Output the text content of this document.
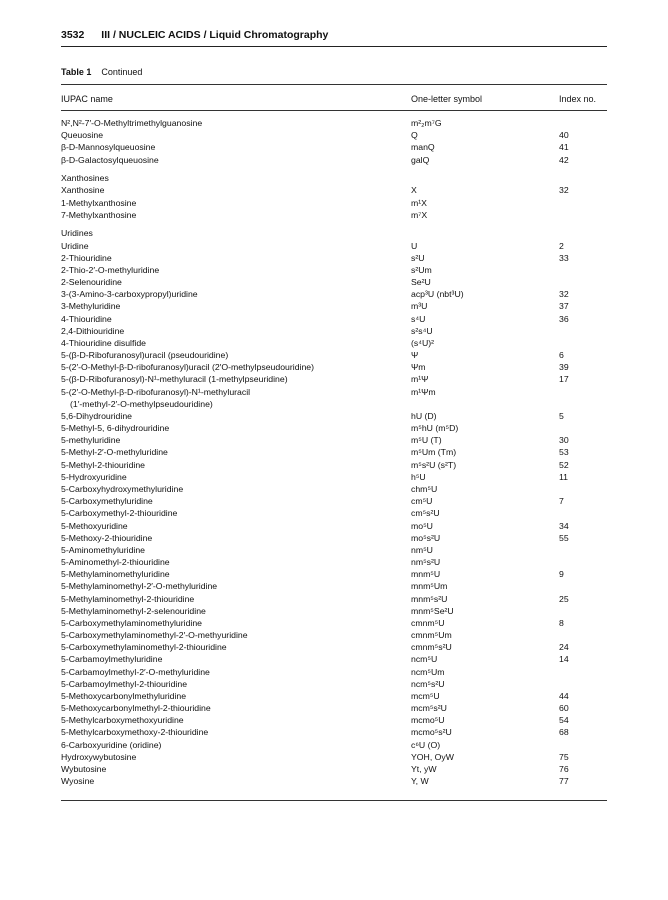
3532 III / NUCLEIC ACIDS / Liquid Chromatography
Table 1 Continued
IUPAC name	One-letter symbol	Index no.
N²,N²-7′-O-Methyltrimethylguanosine	m²₂m⁷G
Queuosine	Q	40
β-D-Mannosylqueuosine	manQ	41
β-D-Galactosylqueuosine	galQ	42
Xanthosines
Xanthosine	X	32
1-Methylxanthosine	m¹X
7-Methylxanthosine	m⁷X
Uridines
Uridine	U	2
2-Thiouridine	s²U	33
2-Thio-2′-O-methyluridine	s²Um
2-Selenouridine	Se²U
3-(3-Amino-3-carboxypropyl)uridine	acp³U (nbt³U)	32
3-Methyluridine	m³U	37
4-Thiouridine	s⁴U	36
2,4-Dithiouridine	s²s⁴U
4-Thiouridine disulfide	(s⁴U)²
5-(β-D-Ribofuranosyl)uracil (pseudouridine)	Ψ	6
5-(2′-O-Methyl-β-D-ribofuranosyl)uracil (2′O-methylpseudouridine)	Ψm	39
5-(β-D-Ribofuranosyl)-N¹-methyluracil (1-methylpseuridine)	m¹Ψ	17
5-(2′-O-Methyl-β-D-ribofuranosyl)-N¹-methyluracil	m¹Ψm
(1′-methyl-2′-O-methylpseudouridine)
5,6-Dihydrouridine	hU (D)	5
5-Methyl-5, 6-dihydrouridine	m⁵hU (m⁵D)
5-methyluridine	m⁵U (T)	30
5-Methyl-2′-O-methyluridine	m⁵Um (Tm)	53
5-Methyl-2-thiouridine	m⁵s²U (s²T)	52
5-Hydroxyuridine	h⁵U	11
5-Carboxyhydroxymethyluridine	chm⁵U
5-Carboxymethyluridine	cm⁵U	7
5-Carboxymethyl-2-thiouridine	cm⁵s²U
5-Methoxyuridine	mo⁵U	34
5-Methoxy-2-thiouridine	mo⁵s²U	55
5-Aminomethyluridine	nm⁵U
5-Aminomethyl-2-thiouridine	nm⁵s²U
5-Methylaminomethyluridine	mnm⁵U	9
5-Methylaminomethyl-2′-O-methyluridine	mnm⁵Um
5-Methylaminomethyl-2-thiouridine	mnm⁵s²U	25
5-Methylaminomethyl-2-selenouridine	mnm⁵Se²U
5-Carboxymethylaminomethyluridine	cmnm⁵U	8
5-Carboxymethylaminomethyl-2′-O-methyuridine	cmnm⁵Um
5-Carboxymethylaminomethyl-2-thiouridine	cmnm⁵s²U	24
5-Carbamoylmethyluridine	ncm⁵U	14
5-Carbamoylmethyl-2′-O-methyluridine	ncm⁵Um
5-Carbamoylmethyl-2-thiouridine	ncm⁵s²U
5-Methoxycarbonylmethyluridine	mcm⁵U	44
5-Methoxycarbonylmethyl-2-thiouridine	mcm⁵s²U	60
5-Methylcarboxymethoxyuridine	mcmo⁵U	54
5-Methylcarboxymethoxy-2-thiouridine	mcmo⁵s²U	68
6-Carboxyuridine (oridine)	c⁶U (O)
Hydroxywybutosine	YOH, OyW	75
Wybutosine	Yt, yW	76
Wyosine	Y, W	77
